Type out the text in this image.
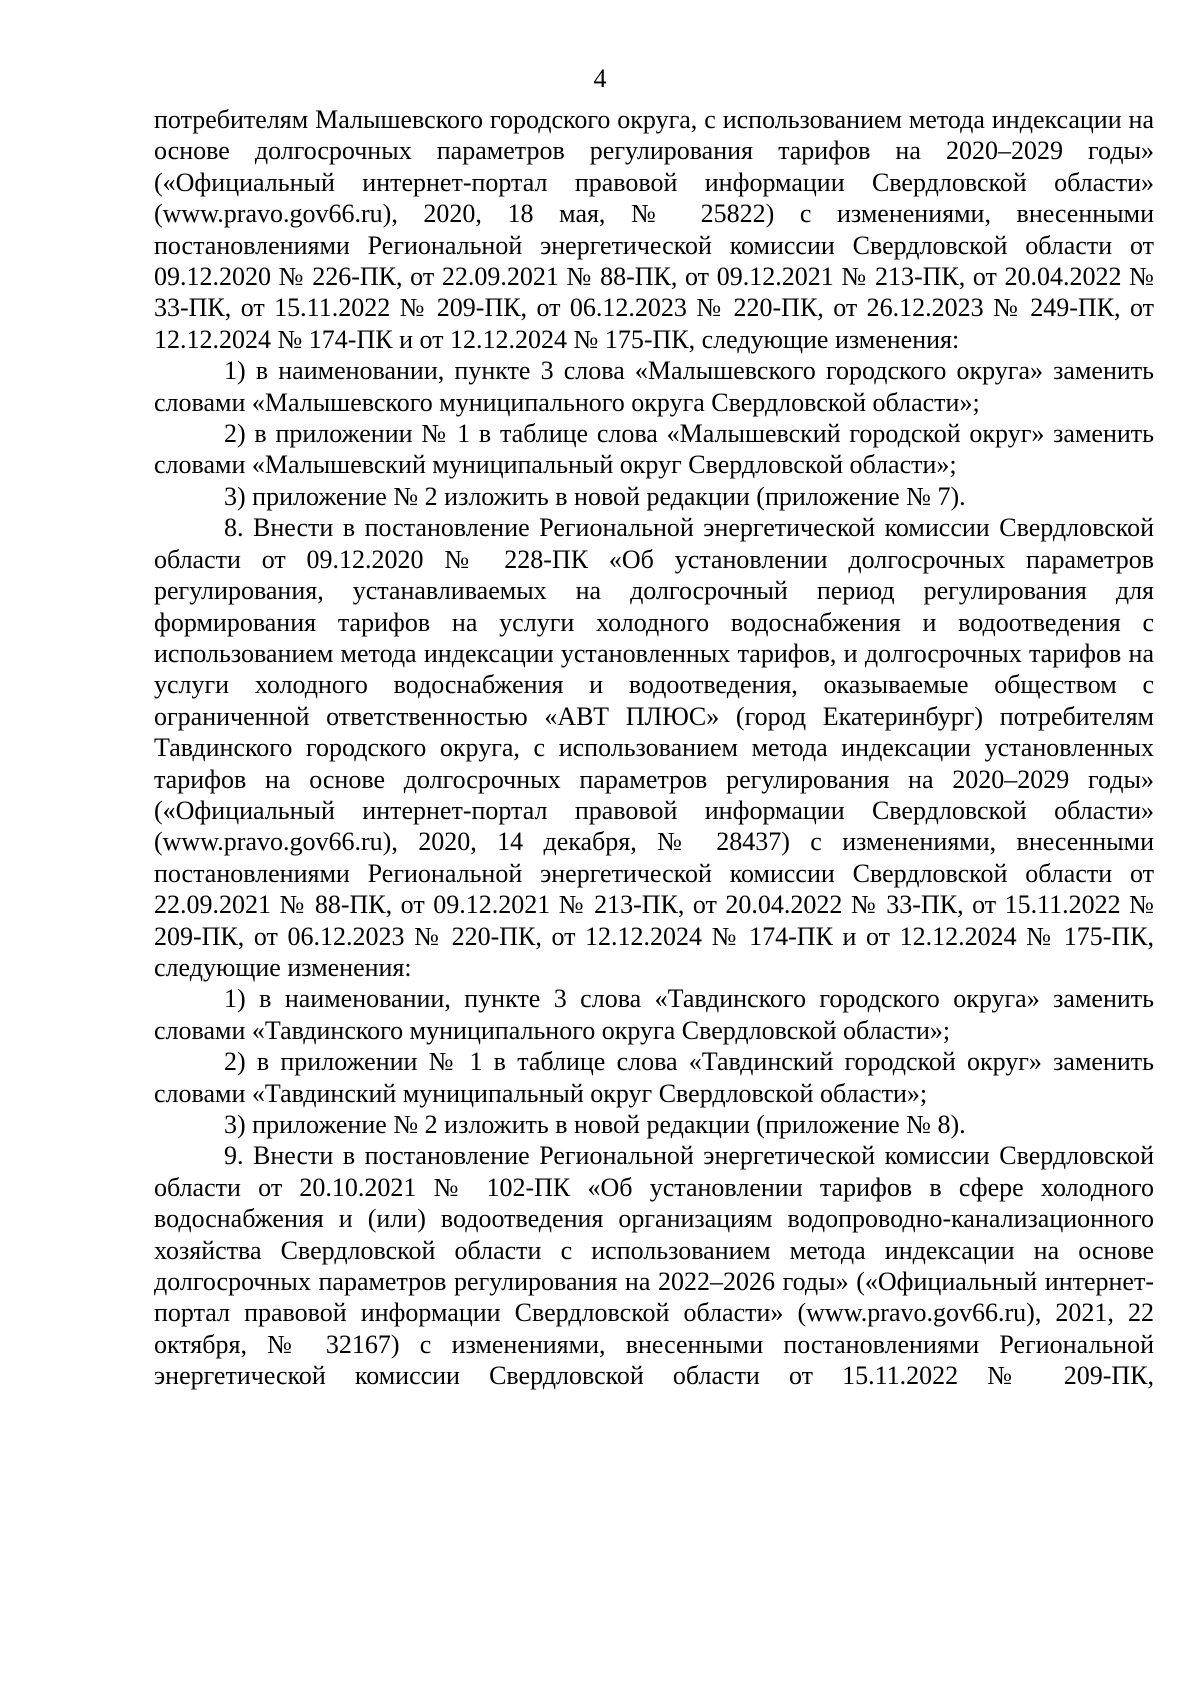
4

потребителям Малышевского городского округа, с использованием метода индексации на основе долгосрочных параметров регулирования тарифов на 2020–2029 годы» («Официальный интернет-портал правовой информации Свердловской области» (www.pravo.gov66.ru), 2020, 18 мая, № 25822) с изменениями, внесенными постановлениями Региональной энергетической комиссии Свердловской области от 09.12.2020 № 226-ПК, от 22.09.2021 № 88-ПК, от 09.12.2021 № 213-ПК, от 20.04.2022 № 33-ПК, от 15.11.2022 № 209-ПК, от 06.12.2023 № 220-ПК, от 26.12.2023 № 249-ПК, от 12.12.2024 № 174-ПК и от 12.12.2024 № 175-ПК, следующие изменения:

1) в наименовании, пункте 3 слова «Малышевского городского округа» заменить словами «Малышевского муниципального округа Свердловской области»;

2) в приложении № 1 в таблице слова «Малышевский городской округ» заменить словами «Малышевский муниципальный округ Свердловской области»;

3) приложение № 2 изложить в новой редакции (приложение № 7).

8. Внести в постановление Региональной энергетической комиссии Свердловской области от 09.12.2020 № 228-ПК «Об установлении долгосрочных параметров регулирования, устанавливаемых на долгосрочный период регулирования для формирования тарифов на услуги холодного водоснабжения и водоотведения с использованием метода индексации установленных тарифов, и долгосрочных тарифов на услуги холодного водоснабжения и водоотведения, оказываемые обществом с ограниченной ответственностью «АВТ ПЛЮС» (город Екатеринбург) потребителям Тавдинского городского округа, с использованием метода индексации установленных тарифов на основе долгосрочных параметров регулирования на 2020–2029 годы» («Официальный интернет-портал правовой информации Свердловской области» (www.pravo.gov66.ru), 2020, 14 декабря, № 28437) с изменениями, внесенными постановлениями Региональной энергетической комиссии Свердловской области от 22.09.2021 № 88-ПК, от 09.12.2021 № 213-ПК, от 20.04.2022 № 33-ПК, от 15.11.2022 № 209-ПК, от 06.12.2023 № 220-ПК, от 12.12.2024 № 174-ПК и от 12.12.2024 № 175-ПК, следующие изменения:

1) в наименовании, пункте 3 слова «Тавдинского городского округа» заменить словами «Тавдинского муниципального округа Свердловской области»;

2) в приложении № 1 в таблице слова «Тавдинский городской округ» заменить словами «Тавдинский муниципальный округ Свердловской области»;

3) приложение № 2 изложить в новой редакции (приложение № 8).

9. Внести в постановление Региональной энергетической комиссии Свердловской области от 20.10.2021 № 102-ПК «Об установлении тарифов в сфере холодного водоснабжения и (или) водоотведения организациям водопроводно-канализационного хозяйства Свердловской области с использованием метода индексации на основе долгосрочных параметров регулирования на 2022–2026 годы» («Официальный интернет-портал правовой информации Свердловской области» (www.pravo.gov66.ru), 2021, 22 октября, № 32167) с изменениями, внесенными постановлениями Региональной энергетической комиссии Свердловской области от 15.11.2022 № 209-ПК,
